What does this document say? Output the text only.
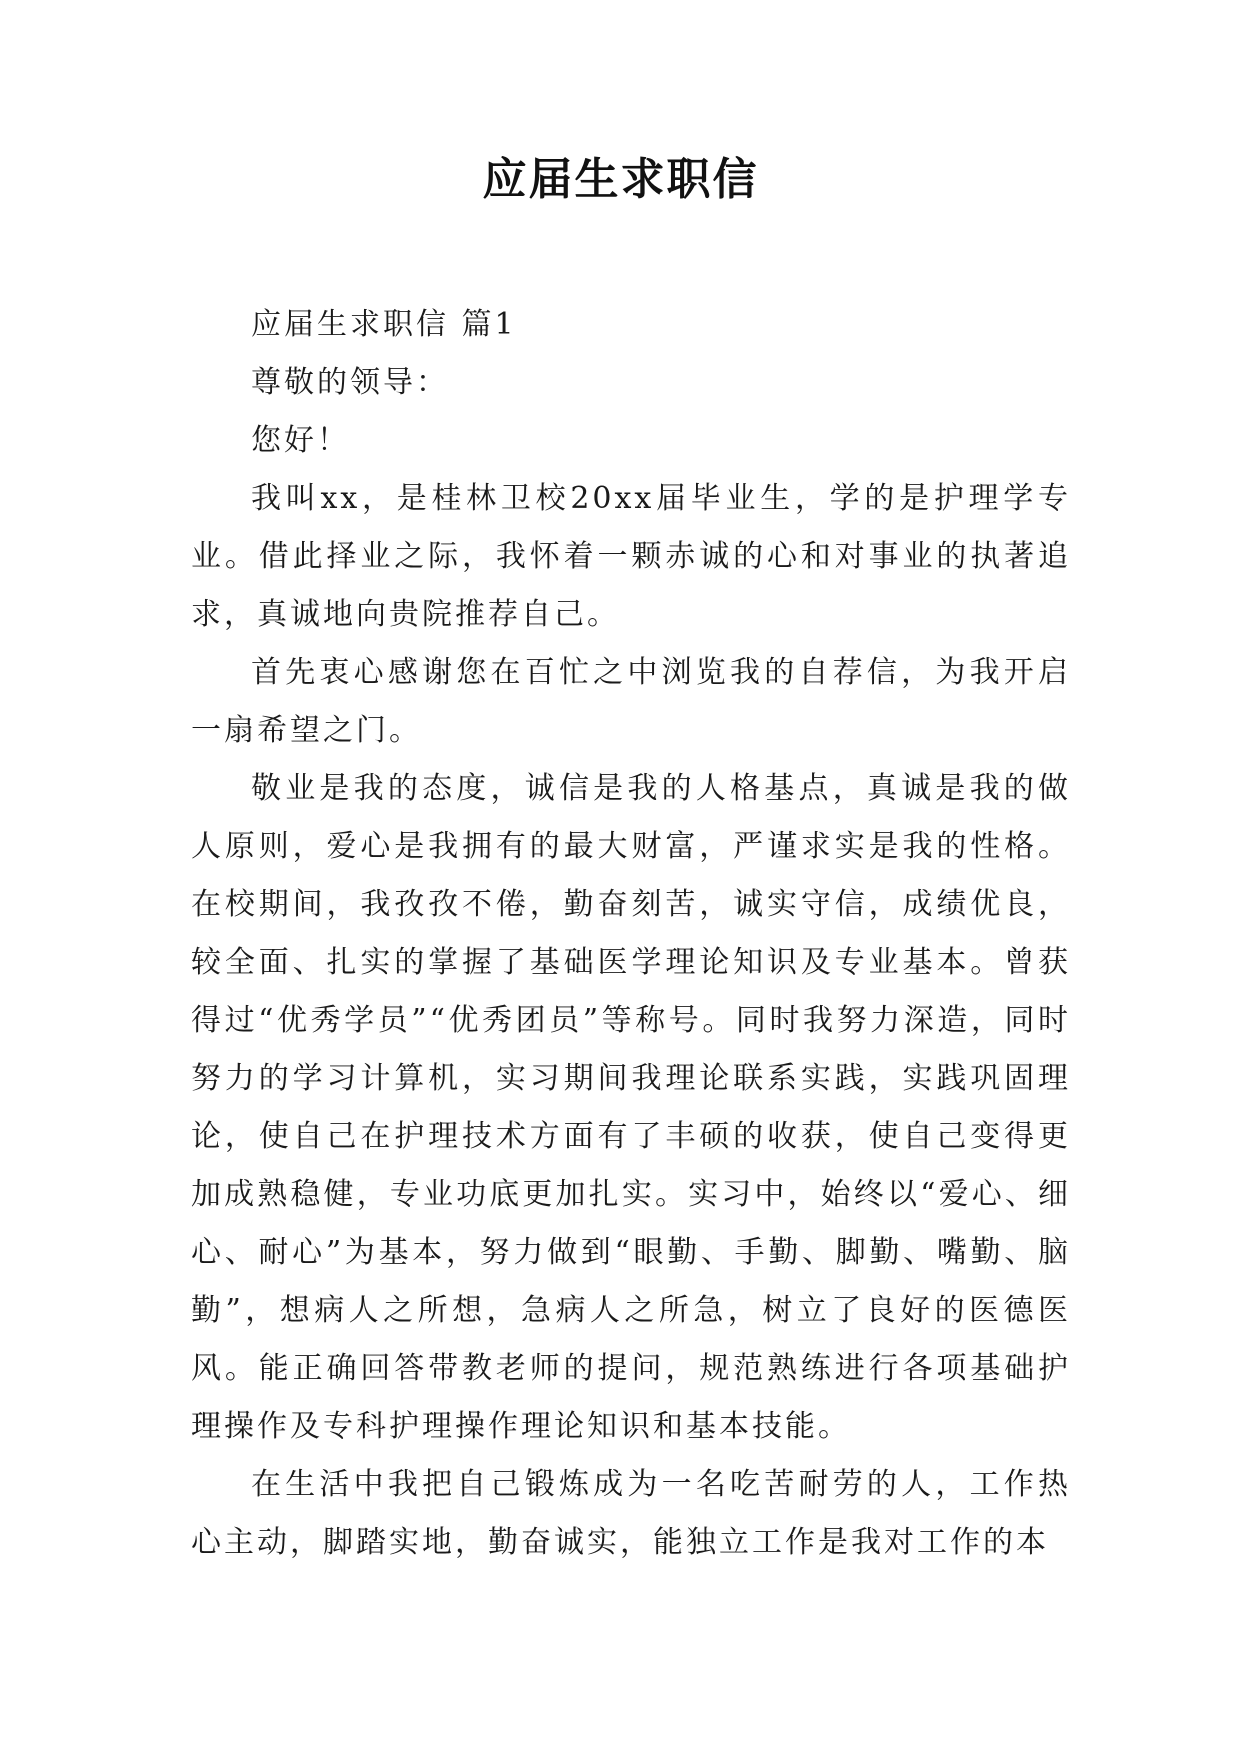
应届生求职信

应届生求职信 篇1

尊敬的领导：

您好！

我叫xx，是桂林卫校20xx届毕业生，学的是护理学专业。借此择业之际，我怀着一颗赤诚的心和对事业的执著追求，真诚地向贵院推荐自己。

首先衷心感谢您在百忙之中浏览我的自荐信，为我开启一扇希望之门。

敬业是我的态度，诚信是我的人格基点，真诚是我的做人原则，爱心是我拥有的最大财富，严谨求实是我的性格。在校期间，我孜孜不倦，勤奋刻苦，诚实守信，成绩优良，较全面、扎实的掌握了基础医学理论知识及专业基本。曾获得过“优秀学员”“优秀团员”等称号。同时我努力深造，同时努力的学习计算机，实习期间我理论联系实践，实践巩固理论，使自己在护理技术方面有了丰硕的收获，使自己变得更加成熟稳健，专业功底更加扎实。实习中，始终以“爱心、细心、耐心”为基本，努力做到“眼勤、手勤、脚勤、嘴勤、脑勤”，想病人之所想，急病人之所急，树立了良好的医德医风。能正确回答带教老师的提问，规范熟练进行各项基础护理操作及专科护理操作理论知识和基本技能。

在生活中我把自己锻炼成为一名吃苦耐劳的人，工作热心主动，脚踏实地，勤奋诚实，能独立工作是我对工作的本
